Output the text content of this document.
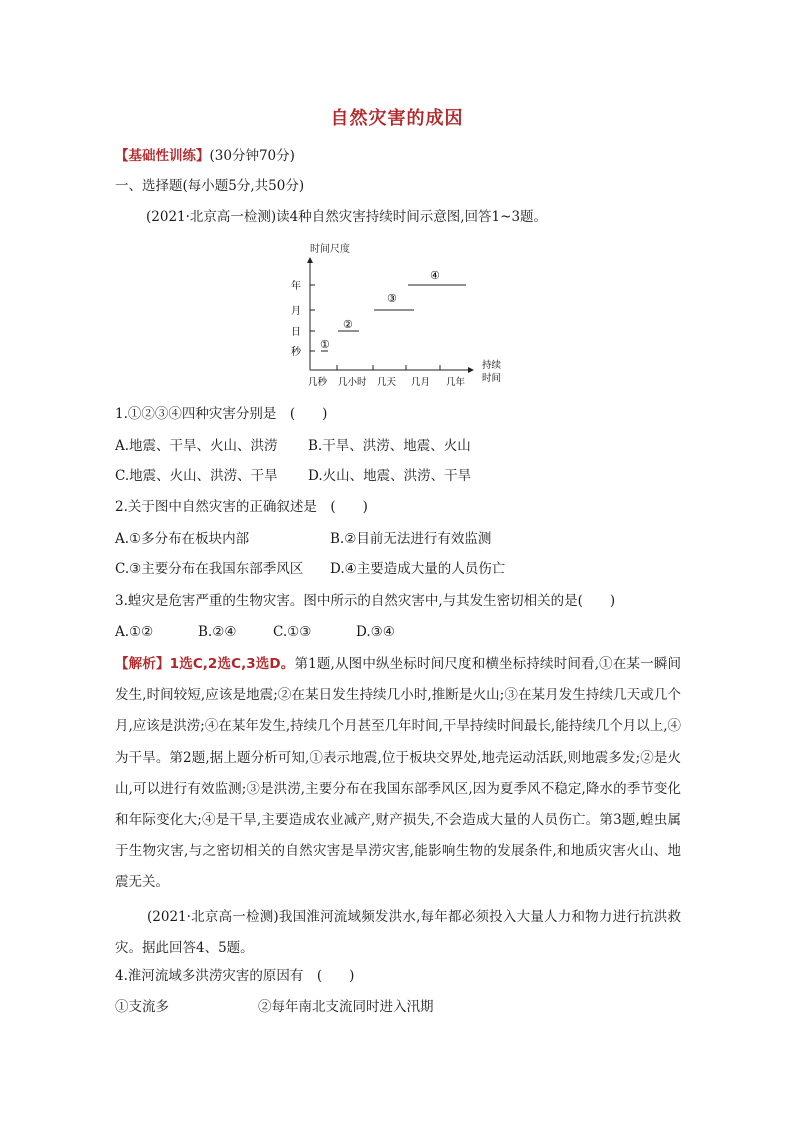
自然灾害的成因
【基础性训练】(30分钟70分)
一、选择题(每小题5分,共50分)
(2021·北京高一检测)读4种自然灾害持续时间示意图,回答1~3题。
时间尺度
秒
日
月
年
几秒 几小时 几天 几月 几年
持续
时间
①
②
③
④
1.①②③④四种灾害分别是　(　　)
A.地震、干旱、火山、洪涝 B.干旱、洪涝、地震、火山
C.地震、火山、洪涝、干旱 D.火山、地震、洪涝、干旱
2.关于图中自然灾害的正确叙述是　(　　)
A.①多分布在板块内部	B.②目前无法进行有效监测
C.③主要分布在我国东部季风区 D.④主要造成大量的人员伤亡
3.蝗灾是危害严重的生物灾害。图中所示的自然灾害中,与其发生密切相关的是(　　)
A.①②	B.②④	C.①③	D.③④

【解析】1选C,2选C,3选D。第1题,从图中纵坐标时间尺度和横坐标持续时间看,①在某一瞬间发生,时间较短,应该是地震;②在某日发生持续几小时,推断是火山;③在某月发生持续几天或几个月,应该是洪涝;④在某年发生,持续几个月甚至几年时间,干旱持续时间最长,能持续几个月以上,④为干旱。第2题,据上题分析可知,①表示地震,位于板块交界处,地壳运动活跃,则地震多发;②是火山,可以进行有效监测;③是洪涝,主要分布在我国东部季风区,因为夏季风不稳定,降水的季节变化和年际变化大;④是干旱,主要造成农业减产,财产损失,不会造成大量的人员伤亡。第3题,蝗虫属于生物灾害,与之密切相关的自然灾害是旱涝灾害,能影响生物的发展条件,和地质灾害火山、地震无关。

(2021·北京高一检测)我国淮河流域频发洪水,每年都必须投入大量人力和物力进行抗洪救灾。据此回答4、5题。

4.淮河流域多洪涝灾害的原因有　(　　)
①支流多	②每年南北支流同时进入汛期
